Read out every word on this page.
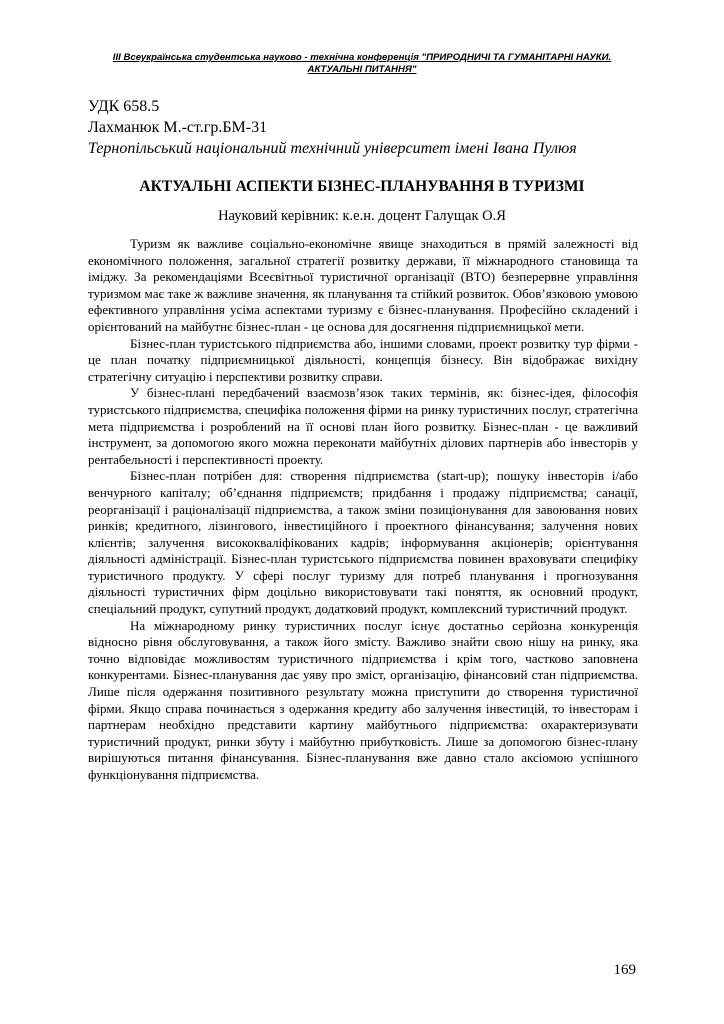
ІІІ Всеукраїнська студентська науково - технічна конференція "ПРИРОДНИЧІ ТА ГУМАНІТАРНІ НАУКИ. АКТУАЛЬНІ ПИТАННЯ"
УДК 658.5
Лахманюк М.-ст.гр.БМ-31
Тернопільський національний технічний університет імені Івана Пулюя
АКТУАЛЬНІ АСПЕКТИ БІЗНЕС-ПЛАНУВАННЯ В ТУРИЗМІ
Науковий керівник: к.е.н. доцент Галущак О.Я

Туризм як важливе соціально-економічне явище знаходиться в прямій залежності від економічного положення, загальної стратегії розвитку держави, її міжнародного становища та іміджу. За рекомендаціями Всеєвітньої туристичної організації (ВТО) безперервне управління туризмом має таке ж важливе значення, як планування та стійкий розвиток. Обов’язковою умовою ефективного управління усіма аспектами туризму є бізнес-планування. Професійно складений і орієнтований на майбутнє бізнес-план - це основа для досягнення підприємницької мети.

Бізнес-план туристського підприємства або, іншими словами, проект розвитку тур фірми - це план початку підприємницької діяльності, концепція бізнесу. Він відображає вихідну стратегічну ситуацію і перспективи розвитку справи.

У бізнес-плані передбачений взаємозв’язок таких термінів, як: бізнес-ідея, філософія туристського підприємства, специфіка положення фірми на ринку туристичних послуг, стратегічна мета підприємства і розроблений на її основі план його розвитку. Бізнес-план - це важливий інструмент, за допомогою якого можна переконати майбутніх ділових партнерів або інвесторів у рентабельності і перспективності проекту.

Бізнес-план потрібен для: створення підприємства (start-up); пошуку інвесторів і/або венчурного капіталу; об’єднання підприємств; придбання і продажу підприємства; санації, реорганізації і раціоналізації підприємства, а також зміни позиціонування для завоювання нових ринків; кредитного, лізингового, інвестиційного і проектного фінансування; залучення нових клієнтів; залучення висококваліфікованих кадрів; інформування акціонерів; орієнтування діяльності адміністрації. Бізнес-план туристського підприємства повинен враховувати специфіку туристичного продукту. У сфері послуг туризму для потреб планування і прогнозування діяльності туристичних фірм доцільно використовувати такі поняття, як основний продукт, спеціальний продукт, супутний продукт, додатковий продукт, комплексний туристичний продукт.

На міжнародному ринку туристичних послуг існує достатньо серйозна конкуренція відносно рівня обслуговування, а також його змісту. Важливо знайти свою нішу на ринку, яка точно відповідає можливостям туристичного підприємства і крім того, частково заповнена конкурентами. Бізнес-планування дає уяву про зміст, організацію, фінансовий стан підприємства. Лише після одержання позитивного результату можна приступити до створення туристичної фірми. Якщо справа починається з одержання кредиту або залучення інвестицій, то інвесторам і партнерам необхідно представити картину майбутнього підприємства: охарактеризувати туристичний продукт, ринки збуту і майбутню прибутковість. Лише за допомогою бізнес-плану вирішуються питання фінансування. Бізнес-планування вже давно стало аксіомою успішного функціонування підприємства.

169
